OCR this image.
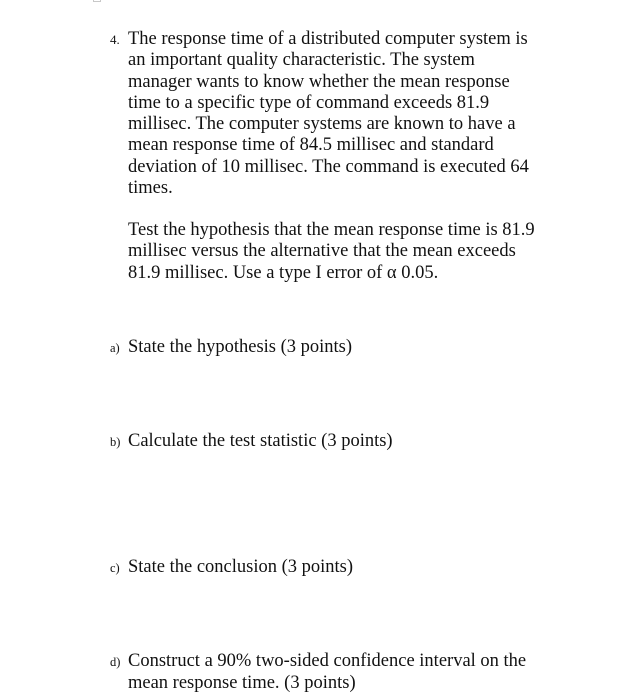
4. The response time of a distributed computer system is
an important quality characteristic. The system
manager wants to know whether the mean response
time to a specific type of command exceeds 81.9
millisec. The computer systems are known to have a
mean response time of 84.5 millisec and standard
deviation of 10 millisec. The command is executed 64
times.

Test the hypothesis that the mean response time is 81.9
millisec versus the alternative that the mean exceeds
81.9 millisec. Use a type I error of α 0.05.
a) State the hypothesis (3 points)
b) Calculate the test statistic (3 points)
c) State the conclusion (3 points)
d) Construct a 90% two-sided confidence interval on the
mean response time. (3 points)
